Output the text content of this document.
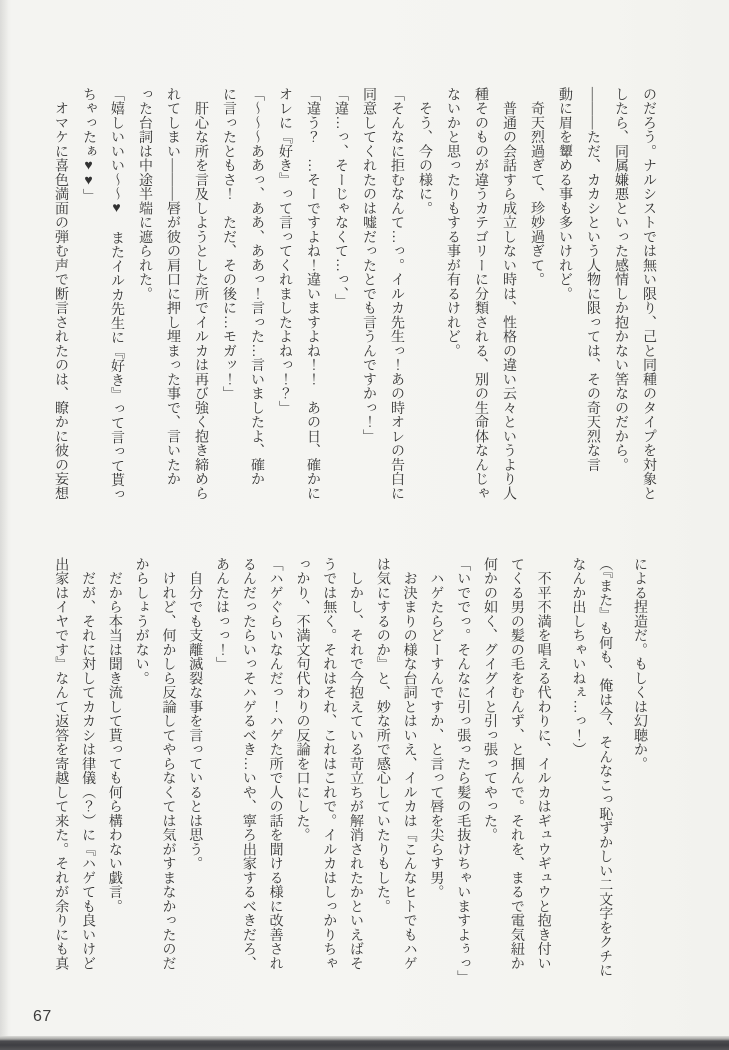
のだろう。ナルシストでは無い限り、己と同種のタイプを対象と

したら、同属嫌悪といった感情しか抱かない筈なのだから。

―――ただ、カカシという人物に限っては、その奇天烈な言

動に眉を顰める事も多いけれど。

　奇天烈過ぎて、珍妙過ぎて。

　普通の会話すら成立しない時は、性格の違い云々というより人

種そのものが違うカテゴリーに分類される、別の生命体なんじゃ

ないかと思ったりもする事が有るけれど。

　そう、今の様に。

「そんなに拒むなんて…っ。イルカ先生っ！あの時オレの告白に

同意してくれたのは嘘だったとでも言うんですかっ！」

「違…っ、そーじゃなくて…っ、」

「違う？　…そーですよね！違いますよね！！　あの日、確かに

オレに『好き』って言ってくれましたよねっ！？」

「〜〜〜ああっ、ああ、ああっ！言った…言いましたよ、確か

に言ったともさ！　ただ、その後に…モガッ！」

　肝心な所を言及しようとした所でイルカは再び強く抱き締めら

れてしまい―――唇が彼の肩口に押し埋まった事で、言いたか

った台詞は中途半端に遮られた。

「嬉しいいい〜〜♥　またイルカ先生に『好き』って言って貰っ

ちゃったぁ♥♥」

　オマケに喜色満面の弾む声で断言されたのは、瞭かに彼の妄想

による捏造だ。もしくは幻聴か。

（『また』も何も、俺は今、そんなこっ恥ずかしい二文字をクチに

なんか出しちゃいねぇ…っ！）

　不平不満を唱える代わりに、イルカはギュウギュウと抱き付い

てくる男の髪の毛をむんず、と掴んで。それを、まるで電気紐か

何かの如く、グイグイと引っ張ってやった。

「いででっ。そんなに引っ張ったら髪の毛抜けちゃいますよぅっ」

　ハゲたらどーすんですか、と言って唇を尖らす男。

　お決まりの様な台詞とはいえ、イルカは『こんなヒトでもハゲ

は気にするのか』と、妙な所で感心していたりもした。

　しかし、それで今抱えている苛立ちが解消されたかといえばそ

うでは無く。それはそれ、これはこれで。イルカはしっかりちゃ

っかり、不満文句代わりの反論を口にした。

「ハゲぐらいなんだっ！ハゲた所で人の話を聞ける様に改善され

るんだったらいっそハゲるべき…いや、寧ろ出家するべきだろ、

あんたはっっ！」

　自分でも支離滅裂な事を言っているとは思う。

　けれど、何かしら反論してやらなくては気がすまなかったのだ

からしょうがない。

　だから本当は聞き流して貰っても何ら構わない戯言。

　だが、それに対してカカシは律儀（？）に『ハゲても良いけど

出家はイヤです』なんて返答を寄越して来た。それが余りにも真

67
